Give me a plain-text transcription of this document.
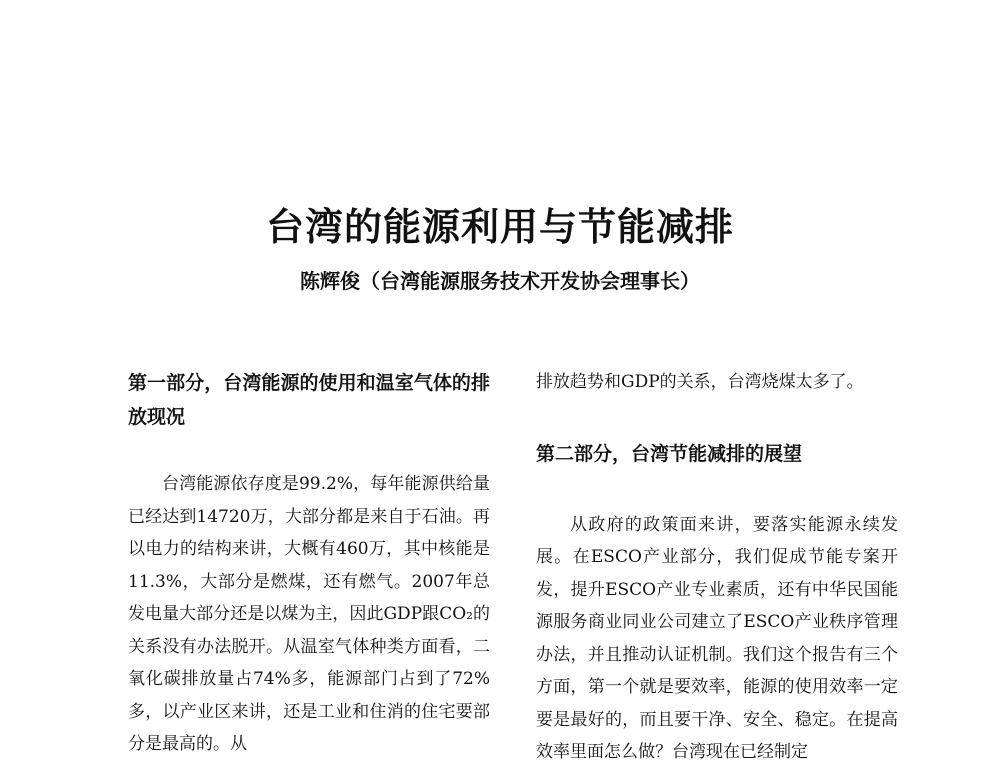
台湾的能源利用与节能减排

陈辉俊（台湾能源服务技术开发协会理事长）

第一部分，台湾能源的使用和温室气体的排放现况

台湾能源依存度是99.2%，每年能源供给量已经达到14720万，大部分都是来自于石油。再以电力的结构来讲，大概有460万，其中核能是11.3%，大部分是燃煤，还有燃气。2007年总发电量大部分还是以煤为主，因此GDP跟CO₂的关系没有办法脱开。从温室气体种类方面看，二氧化碳排放量占74%多，能源部门占到了72%多，以产业区来讲，还是工业和住消的住宅要部分是最高的。从

排放趋势和GDP的关系，台湾烧煤太多了。

第二部分，台湾节能减排的展望

从政府的政策面来讲，要落实能源永续发展。在ESCO产业部分，我们促成节能专案开发，提升ESCO产业专业素质，还有中华民国能源服务商业同业公司建立了ESCO产业秩序管理办法，并且推动认证机制。我们这个报告有三个方面，第一个就是要效率，能源的使用效率一定要是最好的，而且要干净、安全、稳定。在提高效率里面怎么做？台湾现在已经制定
